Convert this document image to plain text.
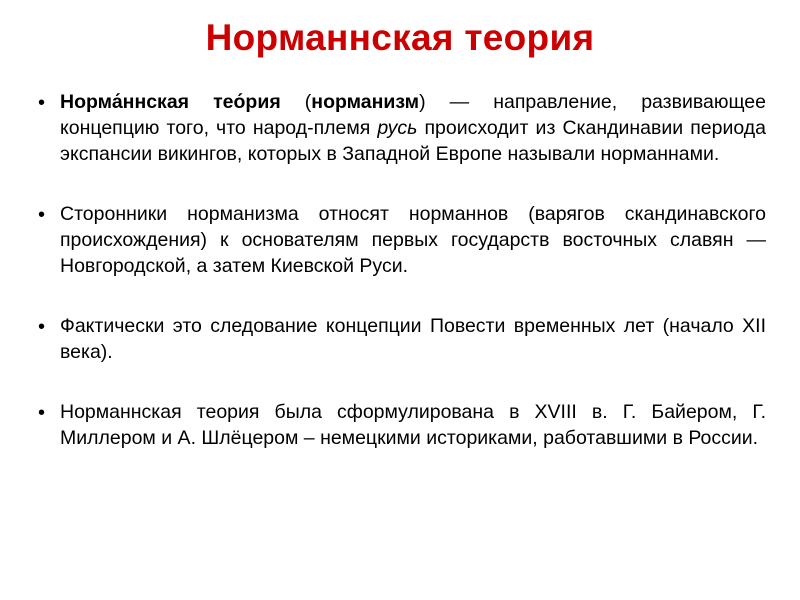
Норманнская теория
• Норма́ннская тео́рия (норманизм) — направление, развивающее концепцию того, что народ-племя русь происходит из Скандинавии периода экспансии викингов, которых в Западной Европе называли норманнами.
• Сторонники норманизма относят норманнов (варягов скандинавского происхождения) к основателям первых государств восточных славян — Новгородской, а затем Киевской Руси.
• Фактически это следование концепции Повести временных лет (начало XII века).
• Норманнская теория была сформулирована в XVIII в. Г. Байером, Г. Миллером и А. Шлёцером – немецкими историками, работавшими в России.
